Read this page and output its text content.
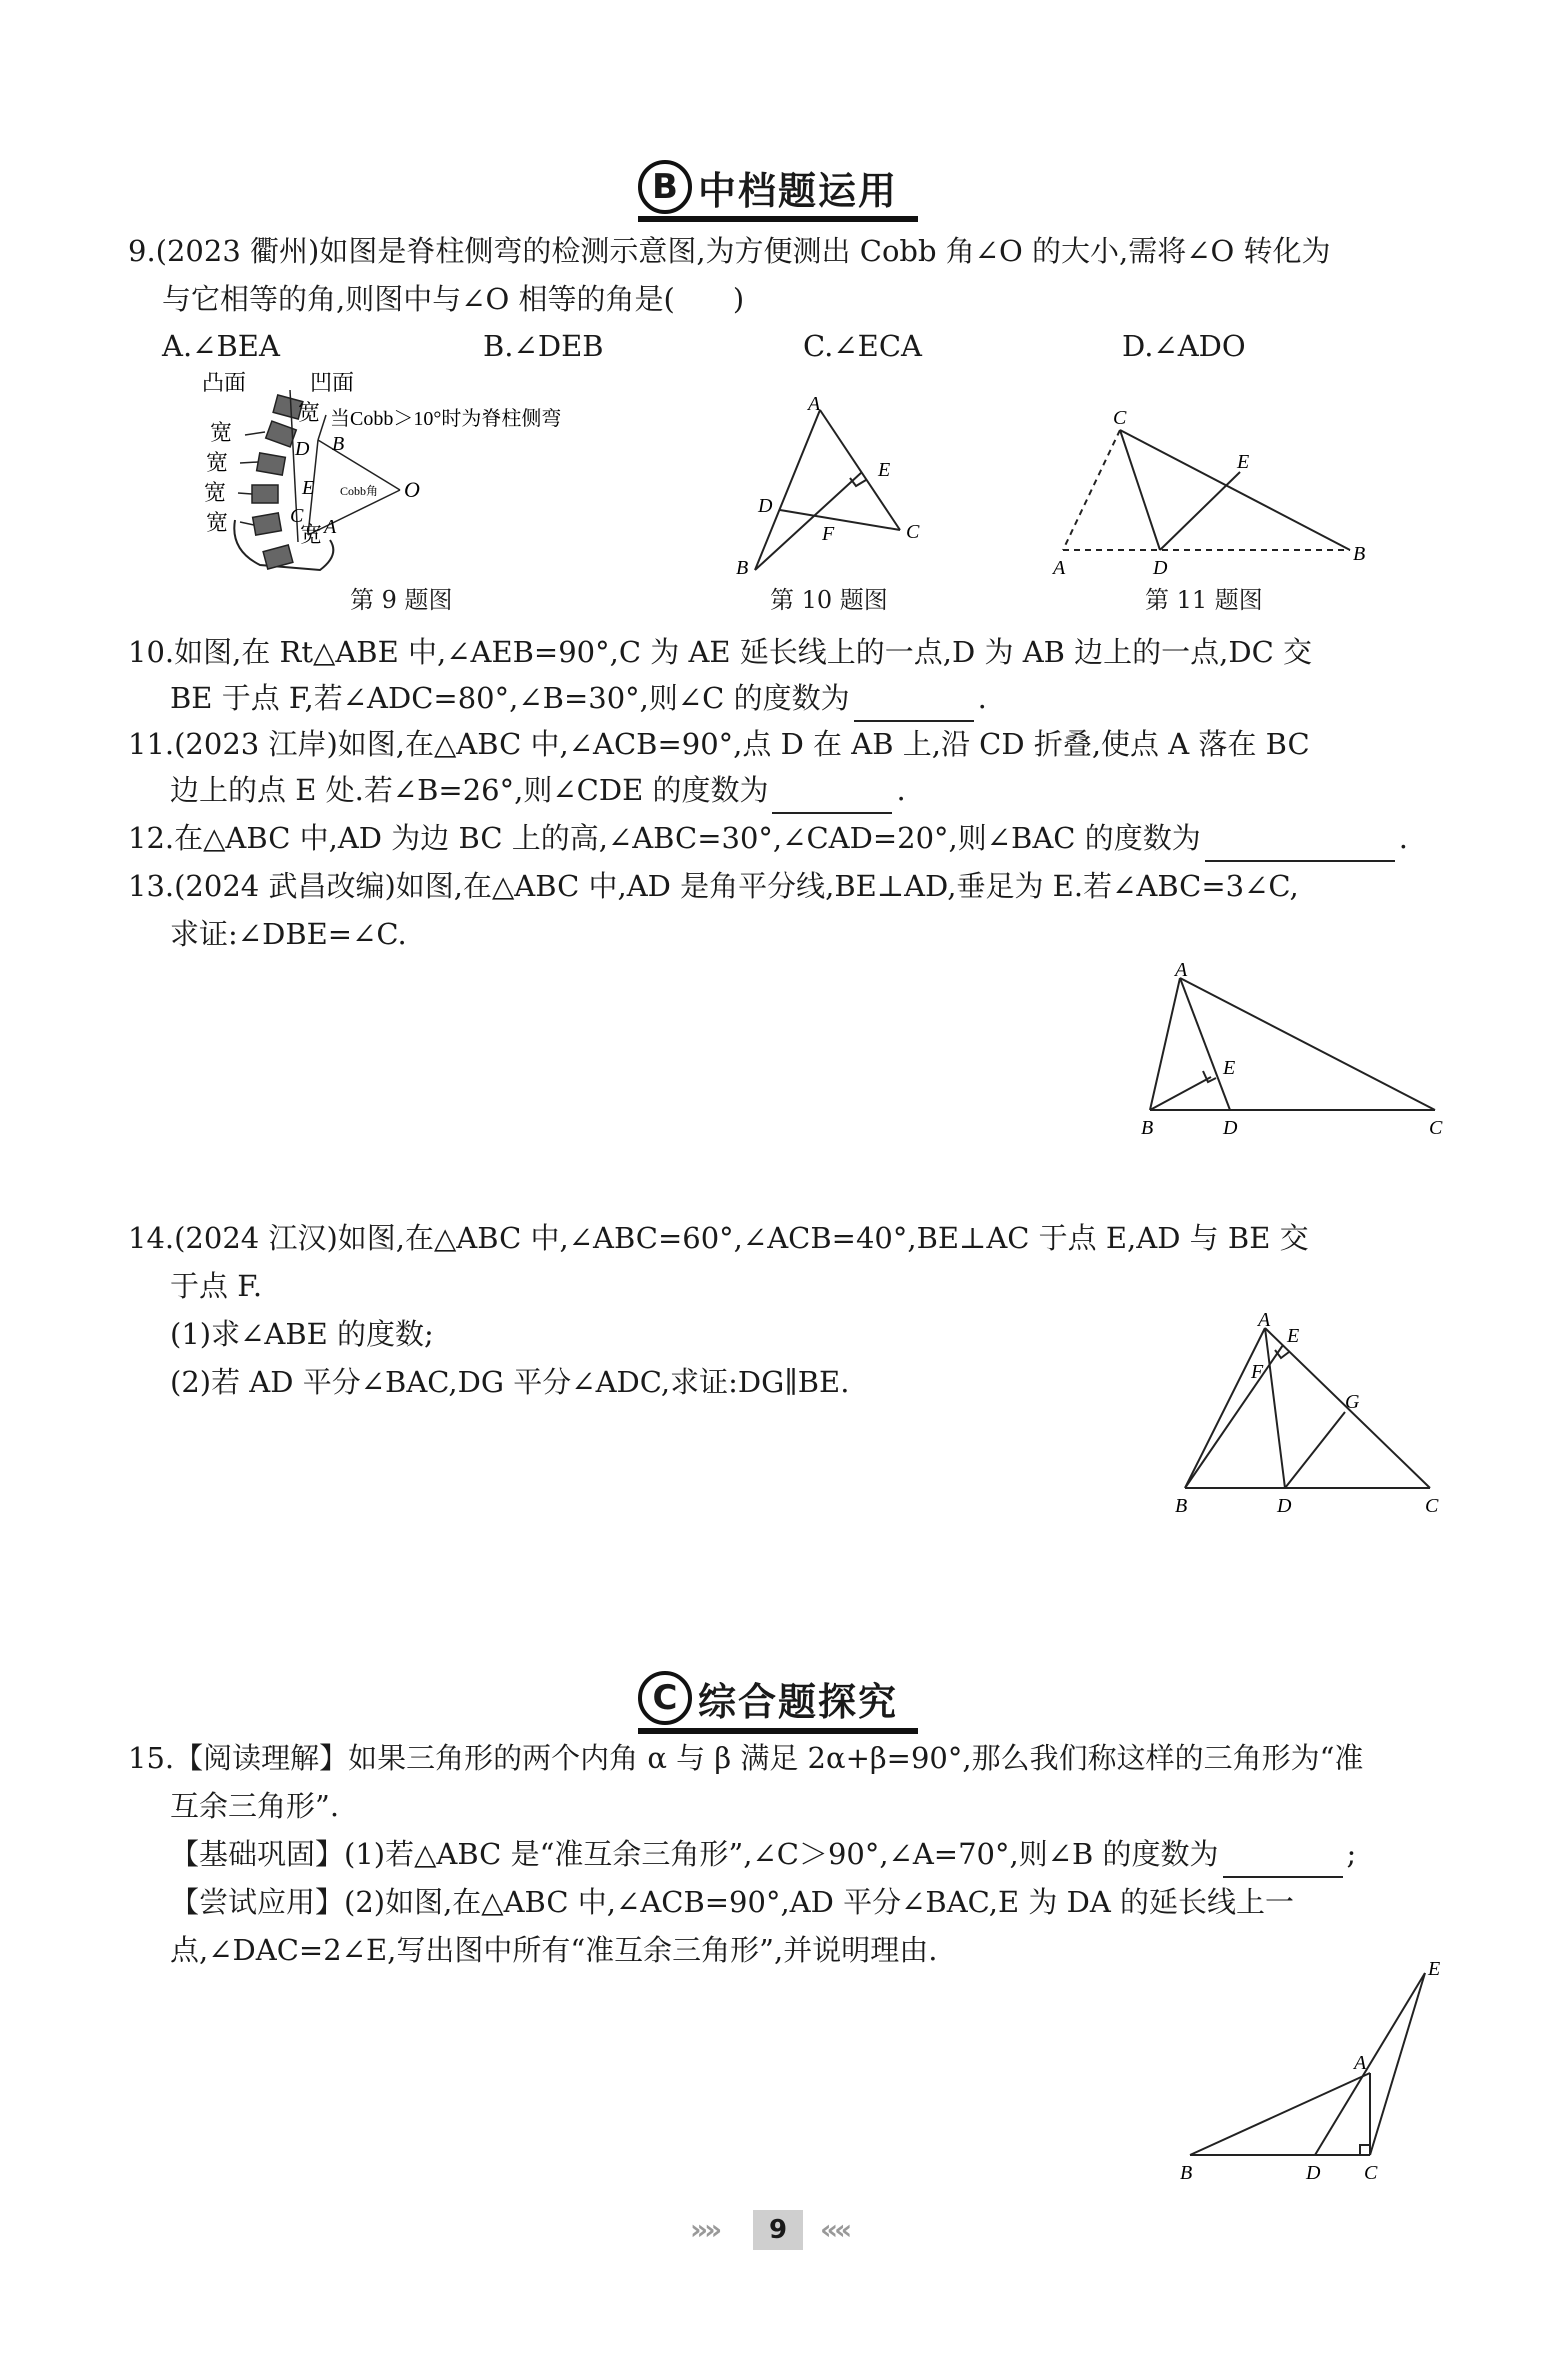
B 中档题运用
9.(2023 衢州)如图是脊柱侧弯的检测示意图,为方便测出 Cobb 角∠O 的大小,需将∠O 转化为
与它相等的角,则图中与∠O 相等的角是(　　)
A.∠BEA	B.∠DEB	C.∠ECA	D.∠ADO
凸面	凹面
宽
宽
宽
宽
宽	宽
当Cobb＞10°时为脊柱侧弯
Cobb角
D B
E
C A
O
第 9 题图
A
E
D
F	C
B
第 10 题图
C
E
A	D
B
第 11 题图
10.如图,在 Rt△ABE 中,∠AEB=90°,C 为 AE 延长线上的一点,D 为 AB 边上的一点,DC 交
BE 于点 F,若∠ADC=80°,∠B=30°,则∠C 的度数为	.
11.(2023 江岸)如图,在△ABC 中,∠ACB=90°,点 D 在 AB 上,沿 CD 折叠,使点 A 落在 BC
边上的点 E 处.若∠B=26°,则∠CDE 的度数为	.
12.在△ABC 中,AD 为边 BC 上的高,∠ABC=30°,∠CAD=20°,则∠BAC 的度数为	.
13.(2024 武昌改编)如图,在△ABC 中,AD 是角平分线,BE⊥AD,垂足为 E.若∠ABC=3∠C,
求证:∠DBE=∠C.
A
E
B	D	C
14.(2024 江汉)如图,在△ABC 中,∠ABC=60°,∠ACB=40°,BE⊥AC 于点 E,AD 与 BE 交
于点 F.
(1)求∠ABE 的度数;
(2)若 AD 平分∠BAC,DG 平分∠ADC,求证:DG∥BE.
A
E
F
G
B	D	C
C 综合题探究
15.【阅读理解】如果三角形的两个内角 α 与 β 满足 2α+β=90°,那么我们称这样的三角形为“准
互余三角形”.
【基础巩固】(1)若△ABC 是“准互余三角形”,∠C＞90°,∠A=70°,则∠B 的度数为	;
【尝试应用】(2)如图,在△ABC 中,∠ACB=90°,AD 平分∠BAC,E 为 DA 的延长线上一
点,∠DAC=2∠E,写出图中所有“准互余三角形”,并说明理由.
E
A
B	D C
»»	9	««
